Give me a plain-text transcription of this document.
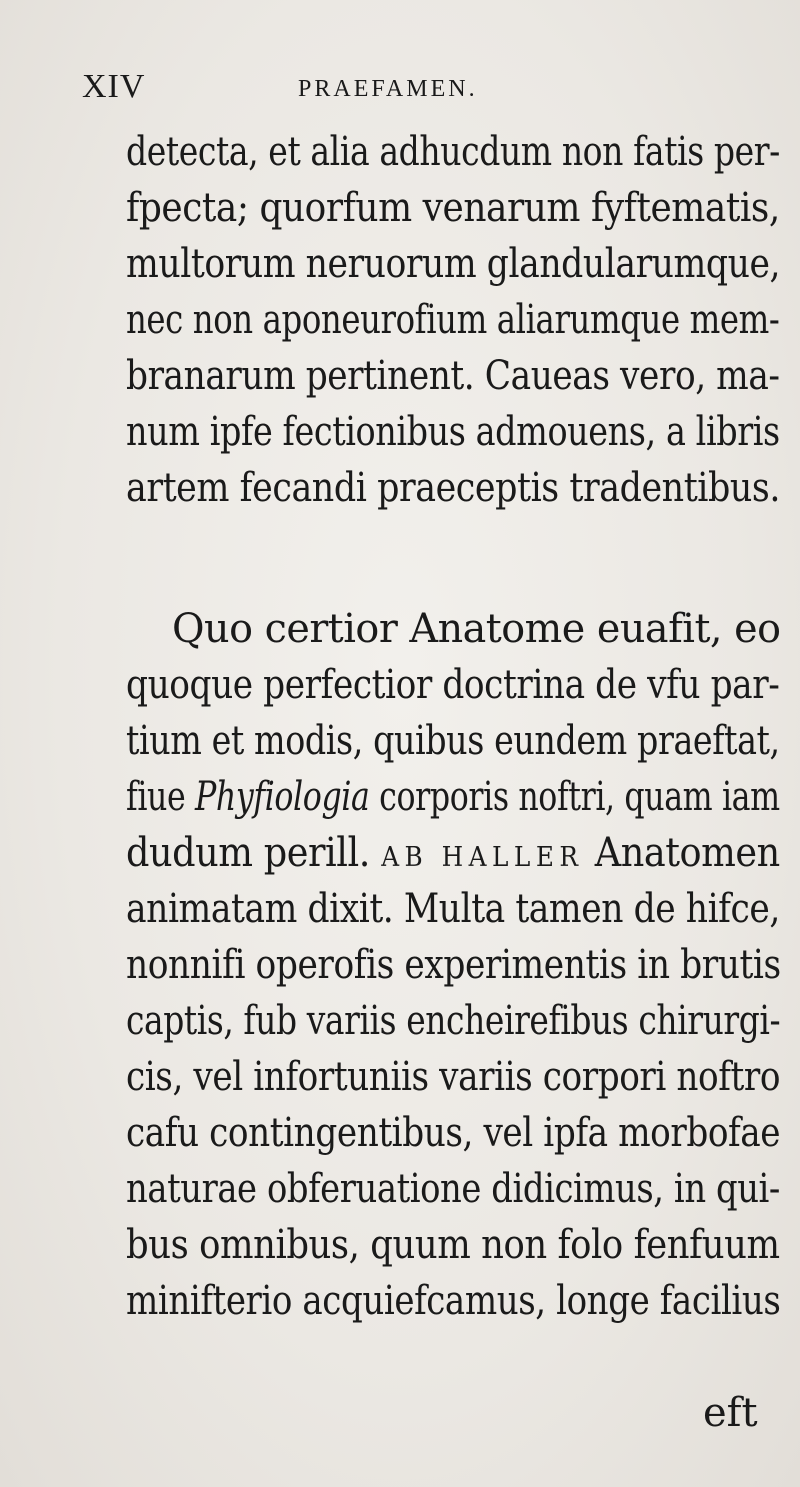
XIV	PRAEFAMEN.
detecta, et alia adhucdum non fatis per-
fpecta; quorfum venarum fyftematis,
multorum neruorum glandularumque,
nec non aponeurofium aliarumque mem-
branarum pertinent. Caueas vero, ma-
num ipfe fectionibus admouens, a libris
artem fecandi praeceptis tradentibus.
Quo certior Anatome euafit, eo
quoque perfectior doctrina de vfu par-
tium et modis, quibus eundem praeftat,
fiue Phyfiologia corporis noftri, quam iam
dudum perill. AB HALLER Anatomen
animatam dixit. Multa tamen de hifce,
nonnifi operofis experimentis in brutis
captis, fub variis encheirefibus chirurgi-
cis, vel infortuniis variis corpori noftro
cafu contingentibus, vel ipfa morbofae
naturae obferuatione didicimus, in qui-
bus omnibus, quum non folo fenfuum
minifterio acquiefcamus, longe facilius
eft
